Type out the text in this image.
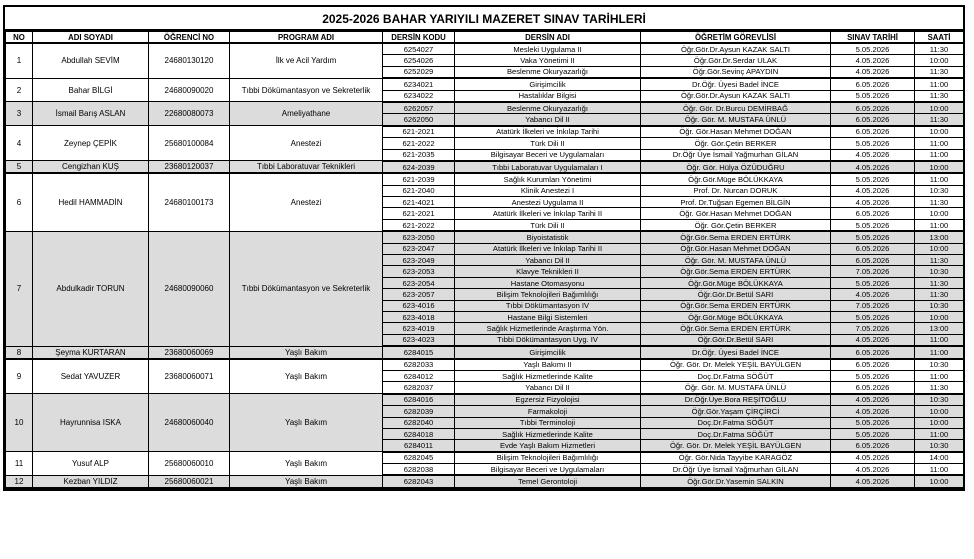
2025-2026 BAHAR YARIYILI MAZERET SINAV TARİHLERİ
NO	ADI SOYADI	ÖĞRENCİ NO	PROGRAM ADI	DERSİN KODU	DERSİN ADI	ÖĞRETİM GÖREVLİSİ	SINAV TARİHİ	SAATİ
1	Abdullah SEVİM	24680130120	İlk ve Acil Yardım	6254027	Mesleki Uygulama II	Öğr.Gör.Dr.Aysun KAZAK SALTI	5.05.2026	11:30
				6254026	Vaka Yönetimi II	Öğr.Gör.Dr.Serdar ULAK	4.05.2026	10:00
				6252029	Beslenme Okuryazarlığı	Öğr.Gör.Sevinç APAYDIN	4.05.2026	11:30
2	Bahar BİLGİ	24680090020	Tıbbi Dökümantasyon ve Sekreterlik	6234021	Girişimcilik	Dr.Öğr. Üyesi Badel İNCE	6.05.2026	11:00
				6234022	Hastalıklar Bilgisi	Öğr.Gör.Dr.Aysun KAZAK SALTI	5.05.2026	11:30
3	İsmail Barış ASLAN	22680080073	Ameliyathane	6262057	Beslenme Okuryazarlığı	Öğr. Gör. Dr.Burcu DEMİRBAĞ	6.05.2026	10:00
				6262050	Yabancı Dil II	Öğr. Gör. M. MUSTAFA ÜNLÜ	6.05.2026	11:30
4	Zeynep ÇEPİK	25680100084	Anestezi	621-2021	Atatürk İlkeleri ve İnkılap Tarihi	Öğr. Gör.Hasan Mehmet DOĞAN	6.05.2026	10:00
				621-2022	Türk Dili II	Öğr. Gör.Çetin BERKER	5.05.2026	11:00
				621-2035	Bilgisayar Beceri ve Uygulamaları	Dr.Öğr Üye İsmail Yağmurhan GİLAN	4.05.2026	11:00
5	Cengizhan KUŞ	23680120037	Tıbbi Laboratuvar Teknikleri	624-2039	Tıbbi Laboratuvar Uygulamaları I	Öğr. Gör. Hülya ÖZÜDUĞRU	4.05.2026	10:00
6	Hedil HAMMADİN	24680100173	Anestezi	621-2039	Sağlık Kurumları Yönetimi	Öğr.Gör.Müge BÖLÜKKAYA	5.05.2026	11:00
				621-2040	Klinik Anestezi I	Prof. Dr. Nurcan DORUK	4.05.2026	10:30
				621-4021	Anestezi Uygulama II	Prof. Dr.Tuğsan Egemen BİLGİN	4.05.2026	11:30
				621-2021	Atatürk İlkeleri ve İnkılap Tarihi II	Öğr. Gör.Hasan Mehmet DOĞAN	6.05.2026	10:00
				621-2022	Türk Dili II	Öğr. Gör.Çetin BERKER	5.05.2026	11:00
7	Abdulkadir TORUN	24680090060	Tıbbi Dökümantasyon ve Sekreterlik	623-2050	Biyoistatistik	Öğr.Gör.Sema ERDEN ERTÜRK	5.05.2026	13:00
				623-2047	Atatürk İlkeleri ve İnkılap Tarihi II	Öğr.Gör.Hasan Mehmet DOĞAN	6.05.2026	10:00
				623-2049	Yabancı Dil II	Öğr. Gör. M. MUSTAFA ÜNLÜ	6.05.2026	11:30
				623-2053	Klavye Teknikleri II	Öğr.Gör.Sema ERDEN ERTÜRK	7.05.2026	10:30
				623-2054	Hastane Otomasyonu	Öğr.Gör.Müge BÖLÜKKAYA	5.05.2026	11:30
				623-2057	Bilişim Teknolojileri Bağımlılığı	Öğr.Gör.Dr.Betül SARI	4.05.2026	11:30
				623-4016	Tıbbi Dökümantasyon IV	Öğr.Gör.Sema ERDEN ERTÜRK	7.05.2026	10:30
				623-4018	Hastane Bilgi Sistemleri	Öğr.Gör.Müge BÖLÜKKAYA	5.05.2026	10:00
				623-4019	Sağlık Hizmetlerinde Araştırma Yön.	Öğr.Gör.Sema ERDEN ERTÜRK	7.05.2026	13:00
				623-4023	Tıbbi Dökümantasyon Uyg. IV	Öğr.Gör.Dr.Betül SARI	4.05.2026	11:00
8	Şeyma KURTARAN	23680060069	Yaşlı Bakım	6284015	Girişimcilik	Dr.Öğr. Üyesi Badel İNCE	6.05.2026	11:00
9	Sedat YAVUZER	23680060071	Yaşlı Bakım	6282033	Yaşlı Bakımı II	Öğr. Gör. Dr. Melek YEŞİL BAYÜLGEN	6.05.2026	10:30
				6284012	Sağlık Hizmetlerinde Kalite	Doç.Dr.Fatma SÖĞÜT	5.05.2026	11:00
				6282037	Yabancı Dil II	Öğr. Gör. M. MUSTAFA ÜNLÜ	6.05.2026	11:30
10	Hayrunnisa ISKA	24680060040	Yaşlı Bakım	6284016	Egzersiz Fizyolojisi	Dr.Öğr.Üye.Bora REŞİTOĞLU	4.05.2026	10:30
				6282039	Farmakoloji	Öğr.Gör.Yaşam ÇİRÇİRCİ	4.05.2026	10:00
				6282040	Tıbbi Terminoloji	Doç.Dr.Fatma SÖĞÜT	5.05.2026	10:00
				6284018	Sağlık Hizmetlerinde Kalite	Doç.Dr.Fatma SÖĞÜT	5.05.2026	11:00
				6284011	Evde Yaşlı Bakım Hizmetleri	Öğr. Gör. Dr. Melek YEŞİL BAYÜLGEN	6.05.2026	10:30
11	Yusuf ALP	25680060010	Yaşlı Bakım	6282045	Bilişim Teknolojileri Bağımlılığı	Öğr. Gör.Nida Tayyibe KARAGÖZ	4.05.2026	14:00
				6282038	Bilgisayar Beceri ve Uygulamaları	Dr.Öğr Üye İsmail Yağmurhan GİLAN	4.05.2026	11:00
12	Kezban YILDIZ	25680060021	Yaşlı Bakım	6282043	Temel Gerontoloji	Öğr.Gör.Dr.Yasemin SALKIN	4.05.2026	10:00
